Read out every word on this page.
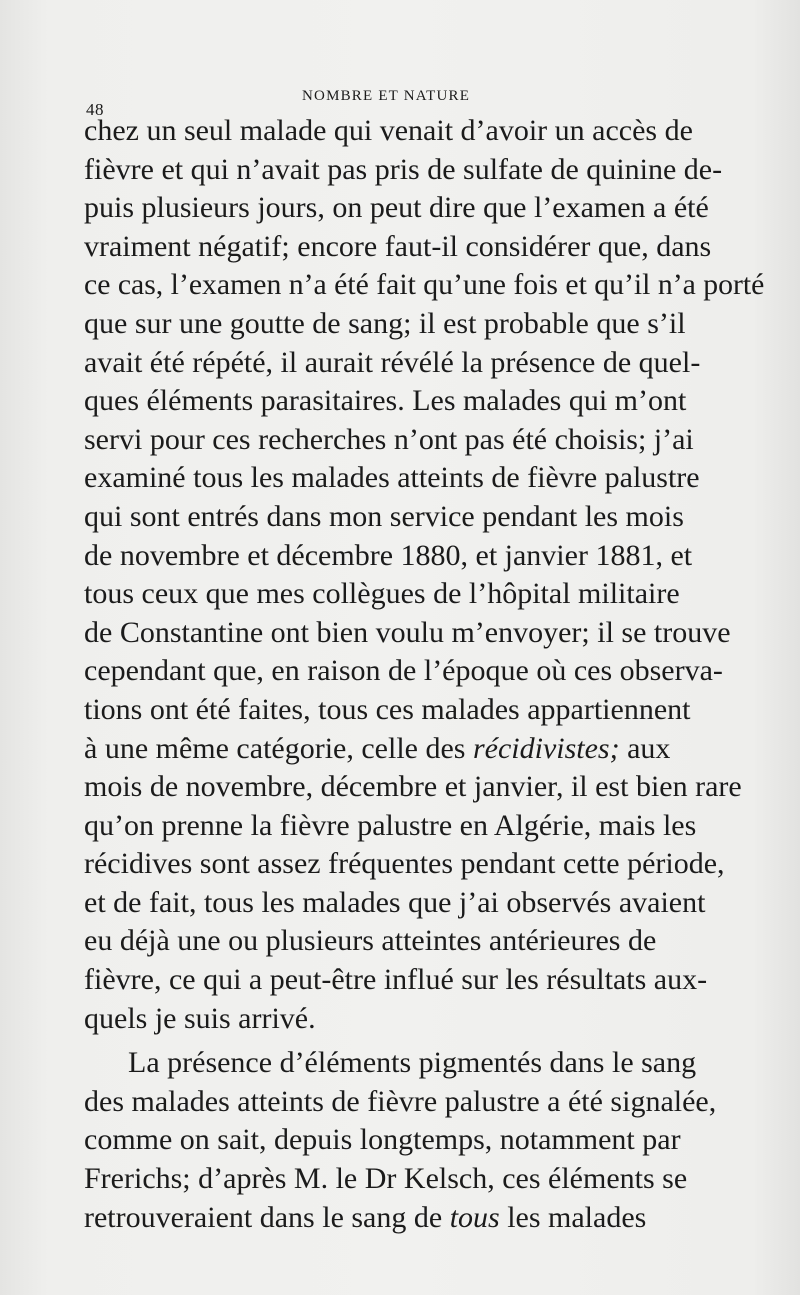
48
NOMBRE ET NATURE
chez un seul malade qui venait d’avoir un accès de
fièvre et qui n’avait pas pris de sulfate de quinine de-
puis plusieurs jours, on peut dire que l’examen a été
vraiment négatif; encore faut-il considérer que, dans
ce cas, l’examen n’a été fait qu’une fois et qu’il n’a porté
que sur une goutte de sang; il est probable que s’il
avait été répété, il aurait révélé la présence de quel-
ques éléments parasitaires. Les malades qui m’ont
servi pour ces recherches n’ont pas été choisis; j’ai
examiné tous les malades atteints de fièvre palustre
qui sont entrés dans mon service pendant les mois
de novembre et décembre 1880, et janvier 1881, et
tous ceux que mes collègues de l’hôpital militaire
de Constantine ont bien voulu m’envoyer; il se trouve
cependant que, en raison de l’époque où ces observa-
tions ont été faites, tous ces malades appartiennent
à une même catégorie, celle des récidivistes; aux
mois de novembre, décembre et janvier, il est bien rare
qu’on prenne la fièvre palustre en Algérie, mais les
récidives sont assez fréquentes pendant cette période,
et de fait, tous les malades que j’ai observés avaient
eu déjà une ou plusieurs atteintes antérieures de
fièvre, ce qui a peut-être influé sur les résultats aux-
quels je suis arrivé.
La présence d’éléments pigmentés dans le sang
des malades atteints de fièvre palustre a été signalée,
comme on sait, depuis longtemps, notamment par
Frerichs; d’après M. le Dr Kelsch, ces éléments se
retrouveraient dans le sang de tous les malades
